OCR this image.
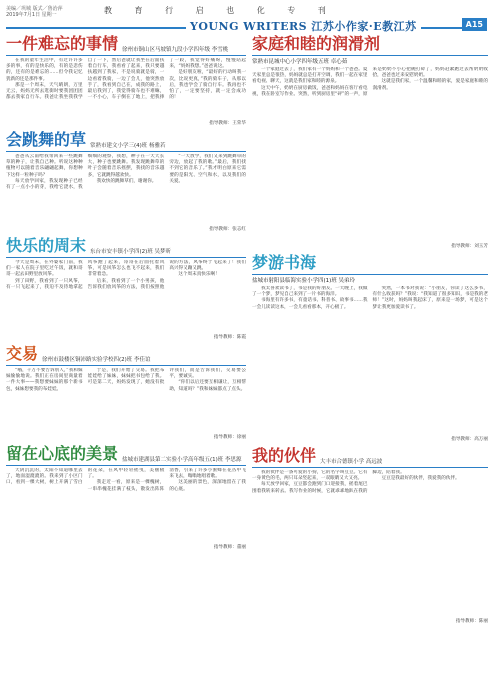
美编／巩城 版式／鲁治萍
2019年7月1日 星期一	教 育 行 启 也 化 专 刊
YOUNG WRITERS 江苏小作家·E教江苏	A15
一件难忘的事情 徐州市铜山区马坡镇九段小学四年级 李雪桃

在我的童年生活中，有过许许多多的事，有的是快乐的，有的是悲伤的，还有的是难忘的……但令我记忆犹新的还是那件事。

那是一个周末，天气晴朗，万里无云，妈妈无所去逛街时要我团团团都去我家自行车。我爸让我坐我我学自了一下，然后爸就让我坐在后面扶着自行车，我看看了起来，我只要越扶越到了我家，不是说骑就是骑，一边看着我骑，一边了会儿，他突然放手了，我看到自己在，成我的路上，最后我到了，我觉得骑车也不难嘛，一不小心，车子倒在了地上，把我摔了一跤，我觉得好痛呀，慢慢站起来，“妈妈我想。”爸爸说这。

是好朋友啦，“最好的行动叫我一次，比说更真，”我的骑车子，从那以后，我也学会了骑自行车。我再也不怕了，一定要坚持，就一定会成功的！

指导教师：王荣华
会跳舞的草 常熟市建文小学三(4)班 杨雅若

爸爸从云南给我带回来一些跳舞草的种子，让我自己种。听说这种种植物可以随着音乐翩翩起舞，你想种下这样一粒种子吗？

每天放学回家，我发现种子已经有了一点小小的芽，我给它浇水，我细细的观察，我想，种子在一天天长大，种子也要跳舞。我发现跳舞草的叶子会随着音乐摇摆，我找的音乐越多，它就跳得越欢快。

我欢快的跳舞草们，谢谢你。

“一天放学，我们又来到跳舞草的旁边，放起了我的歌。”最后，我们找不到它的音乐了。”我才明白原来它需要的是阳光、空气和水，以及我们的关爱。

指导教师：张志红
快乐的周末 东台市安丰镇小学四(2)班 吴梦昕

今天是周末，在外婆家门前，我们一家人在院子里吃过午饭，就和哥哥一起去田野里放风筝。

到了田野，我看到了一只风筝，有一只飞起来了，我迫不及待地拿起风筝跑了起来，哥哥在后面托着风筝，可是风筝怎么也飞不起来，我们非常着急。

后来，我看到了一个小男孩，他告诉我们放风筝的方法，我们按照他说的方法，风筝终于飞起来了！我们高兴得又蹦又跳。

这个周末真快乐啊！

指导教师：陈霞
交易 徐州市鼓楼区铜沛路实验学校四(2)班 李佳谊

“哦，千万不要告诉别人，”我和妹妹偷偷地说。我们正在房间里商量着一件大事——我想要妹妹的那个新书包，妹妹想要我的布娃娃。

于是，我们开始了交易。我把布娃娃给了妹妹，妹妹把书包给了我。可是第二天，妈妈发现了，她没有批评我们，而是告诉我们，交易要公平，要诚实。

“你们以后还要互相谦让，互相帮助，知道吗？”我和妹妹都点了点头。

指导教师：徐丽
留在心底的美景 盐城市建湖县第二实验小学高年级五(1)班 李思源

天阴沉沉的，太阳不知道哪里去了，地面湿漉漉的。我来到了小区门口，看到一棵大树，树上开满了雪白的花朵，在风中轻轻摇曳，美丽极了。

我走近一看，原来是一棵槐树，一串串槐花挂满了枝头，散发出阵阵清香，引来了许多小蜜蜂在花丛中飞来飞去，嗡嗡地唱着歌。

这美丽的景色，深深地留在了我的心底。

指导教师：董丽
家庭和睦的润滑剂
常熟市昆城中心小学四年级五班 卓心茹

一个家庭过去了，我们家有一个妈妈和一个爸爸。夏天家里总是很热，妈妈就总是打开空调，我们一起在家里看电视、聊天，这就是我们家和睦的源泉。

这天中午，奶奶在厨房做饭，爸爸和妈妈在客厅看电视，我在卧室写作业。突然，听到厨房里“砰”的一声，原来是奶奶不小心把碗打碎了，妈妈赶紧跑过去帮奶奶收拾，爸爸也过来安慰奶奶。

这就是我们家，一个温馨和睦的家，爱是家庭和睦的润滑剂。

指导教师：刘玉芳
梦游书海
盐城市射阳县临海实验小学四(1)班 吴弟玲

我太喜欢读书了，书是我的好朋友。一天晚上，我做了一个梦，梦见自己来到了一片书的海洋。

书海里有许多书，有童话书、科普书、故事书……我一会儿读读这本，一会儿看看那本，开心极了。

突然，一本书对我说：“小朋友，你读了这么多书，有什么收获吗？”我说：“我知道了很多知识，书是我的老师！”这时，妈妈叫我起床了，原来是一场梦，可是这个梦让我更加爱读书了。

指导教师：高万丽
我的伙伴 大丰市合德镇小学 高远波

我的伙伴是一条可爱的小狗，它的名字叫豆豆。它有一身黄色的毛，两只耳朵竖起来，一双眼睛又大又亮。

每天放学回家，豆豆都会跑到门口迎接我，摇着尾巴围着我转来转去。我写作业的时候，它就乖乖地趴在我的脚边，陪着我。

豆豆是我最好的伙伴，我爱我的伙伴。

指导教师：陈丽
